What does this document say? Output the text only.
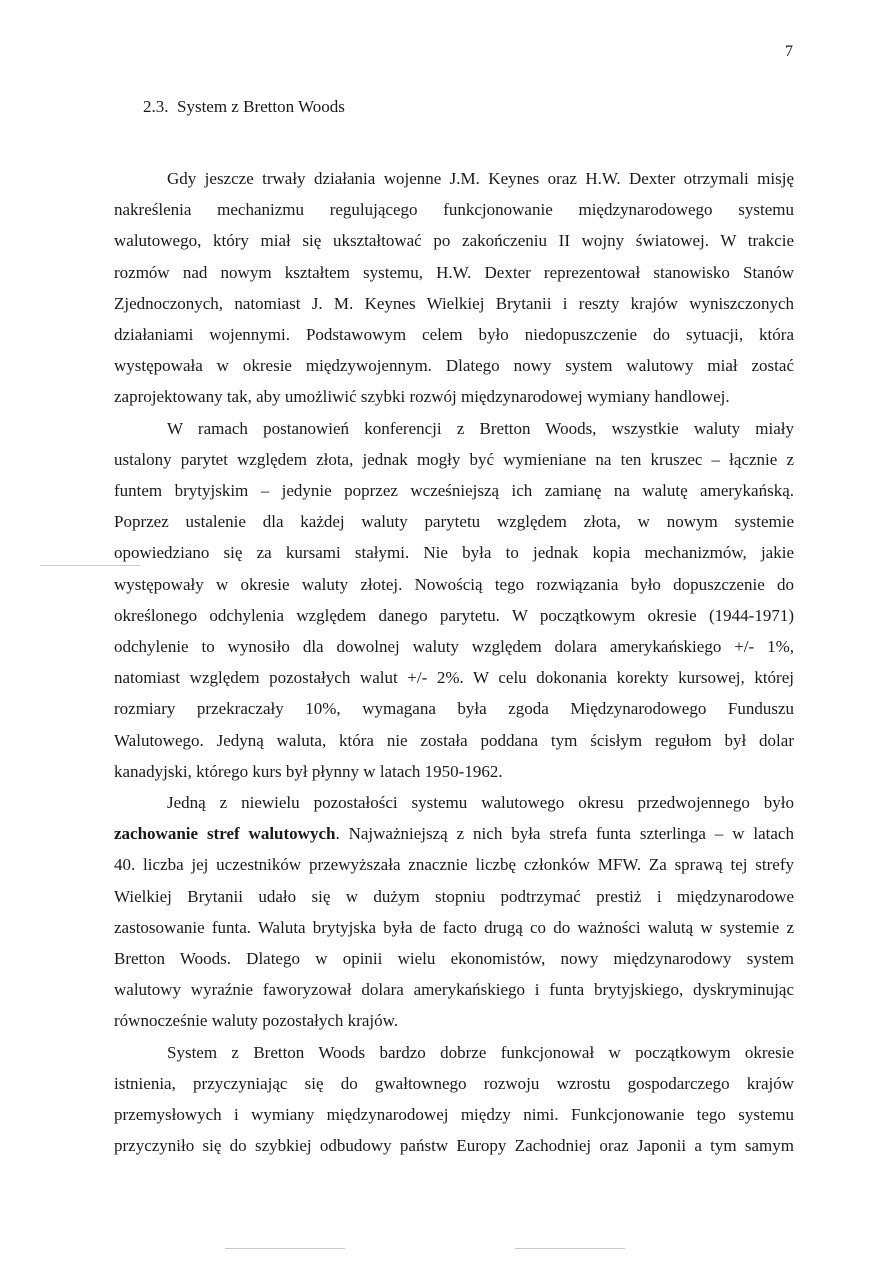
7
2.3. System z Bretton Woods
Gdy jeszcze trwały działania wojenne J.M. Keynes oraz H.W. Dexter otrzymali misję
nakreślenia mechanizmu regulującego funkcjonowanie międzynarodowego systemu
walutowego, który miał się ukształtować po zakończeniu II wojny światowej. W trakcie
rozmów nad nowym kształtem systemu, H.W. Dexter reprezentował stanowisko Stanów
Zjednoczonych, natomiast J. M. Keynes Wielkiej Brytanii i reszty krajów wyniszczonych
działaniami wojennymi. Podstawowym celem było niedopuszczenie do sytuacji, która
występowała w okresie międzywojennym. Dlatego nowy system walutowy miał zostać
zaprojektowany tak, aby umożliwić szybki rozwój międzynarodowej wymiany handlowej.
W ramach postanowień konferencji z Bretton Woods, wszystkie waluty miały
ustalony parytet względem złota, jednak mogły być wymieniane na ten kruszec – łącznie z
funtem brytyjskim – jedynie poprzez wcześniejszą ich zamianę na walutę amerykańską.
Poprzez ustalenie dla każdej waluty parytetu względem złota, w nowym systemie
opowiedziano się za kursami stałymi. Nie była to jednak kopia mechanizmów, jakie
występowały w okresie waluty złotej. Nowością tego rozwiązania było dopuszczenie do
określonego odchylenia względem danego parytetu. W początkowym okresie (1944-1971)
odchylenie to wynosiło dla dowolnej waluty względem dolara amerykańskiego +/- 1%,
natomiast względem pozostałych walut +/- 2%. W celu dokonania korekty kursowej, której
rozmiary przekraczały 10%, wymagana była zgoda Międzynarodowego Funduszu
Walutowego. Jedyną waluta, która nie została poddana tym ścisłym regułom był dolar
kanadyjski, którego kurs był płynny w latach 1950-1962.
Jedną z niewielu pozostałości systemu walutowego okresu przedwojennego było
zachowanie stref walutowych. Najważniejszą z nich była strefa funta szterlinga – w latach
40. liczba jej uczestników przewyższała znacznie liczbę członków MFW. Za sprawą tej strefy
Wielkiej Brytanii udało się w dużym stopniu podtrzymać prestiż i międzynarodowe
zastosowanie funta. Waluta brytyjska była de facto drugą co do ważności walutą w systemie z
Bretton Woods. Dlatego w opinii wielu ekonomistów, nowy międzynarodowy system
walutowy wyraźnie faworyzował dolara amerykańskiego i funta brytyjskiego, dyskryminując
równocześnie waluty pozostałych krajów.
System z Bretton Woods bardzo dobrze funkcjonował w początkowym okresie
istnienia, przyczyniając się do gwałtownego rozwoju wzrostu gospodarczego krajów
przemysłowych i wymiany międzynarodowej między nimi. Funkcjonowanie tego systemu
przyczyniło się do szybkiej odbudowy państw Europy Zachodniej oraz Japonii a tym samym
